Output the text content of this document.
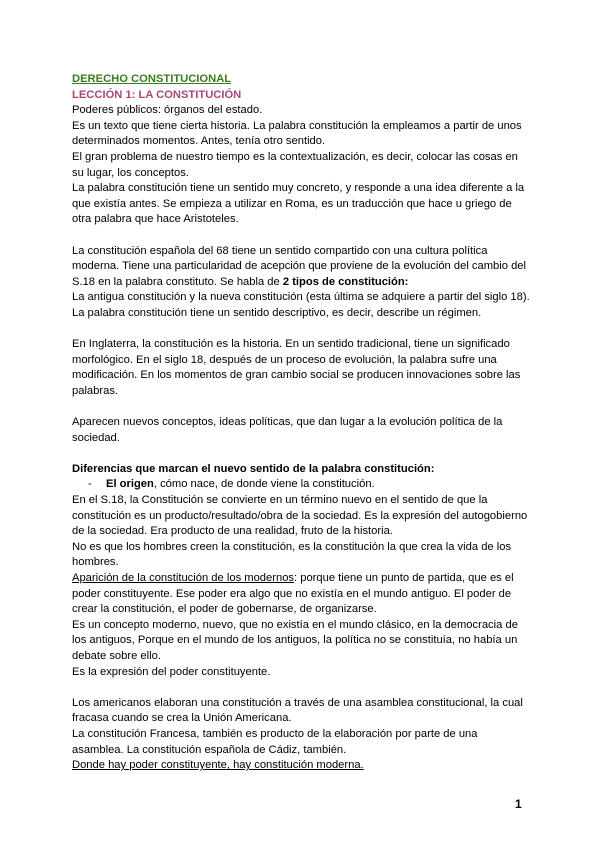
DERECHO CONSTITUCIONAL

LECCIÓN 1: LA CONSTITUCIÓN

Poderes públicos: órganos del estado.

Es un texto que tiene cierta historia. La palabra constitución la empleamos a partir de unos determinados momentos. Antes, tenía otro sentido.

El gran problema de nuestro tiempo es la contextualización, es decir, colocar las cosas en su lugar, los conceptos.

La palabra constitución tiene un sentido muy concreto, y responde a una idea diferente a la que existía antes. Se empieza a utilizar en Roma, es un traducción que hace u griego de otra palabra que hace Aristoteles.

La constitución española del 68 tiene un sentido compartido con una cultura política moderna. Tiene una particularidad de acepción que proviene de la evolución del cambio del S.18 en la palabra constituto. Se habla de 2 tipos de constitución:

La antigua constitución y la nueva constitución (esta última se adquiere a partir del siglo 18).

La palabra constitución tiene un sentido descriptivo, es decir, describe un régimen.

En Inglaterra, la constitución es la historia. En un sentido tradicional, tiene un significado morfológico. En el siglo 18, después de un proceso de evolución, la palabra sufre una modificación. En los momentos de gran cambio social se producen innovaciones sobre las palabras.

Aparecen nuevos conceptos, ideas políticas, que dan lugar a la evolución política de la sociedad.

Diferencias que marcan el nuevo sentido de la palabra constitución:

-	El origen, cómo nace, de donde viene la constitución.

En el S.18, la Constitución se convierte en un término nuevo en el sentido de que la constitución es un producto/resultado/obra de la sociedad. Es la expresión del autogobierno de la sociedad. Era producto de una realidad, fruto de la historia.

No es que los hombres creen la constitución, es la constitución la que crea la vida de los hombres.

Aparición de la constitución de los modernos: porque tiene un punto de partida, que es el poder constituyente. Ese poder era algo que no existía en el mundo antiguo. El poder de crear la constitución, el poder de gobernarse, de organizarse.

Es un concepto moderno, nuevo, que no existía en el mundo clásico, en la democracia de los antiguos, Porque en el mundo de los antiguos, la política no se constituía, no había un debate sobre ello.

Es la expresión del poder constituyente.

Los americanos elaboran una constitución a través de una asamblea constitucional, la cual fracasa cuando se crea la Unión Americana.

La constitución Francesa, también es producto de la elaboración por parte de una asamblea. La constitución española de Cádiz, también.

Donde hay poder constituyente, hay constitución moderna.

1
